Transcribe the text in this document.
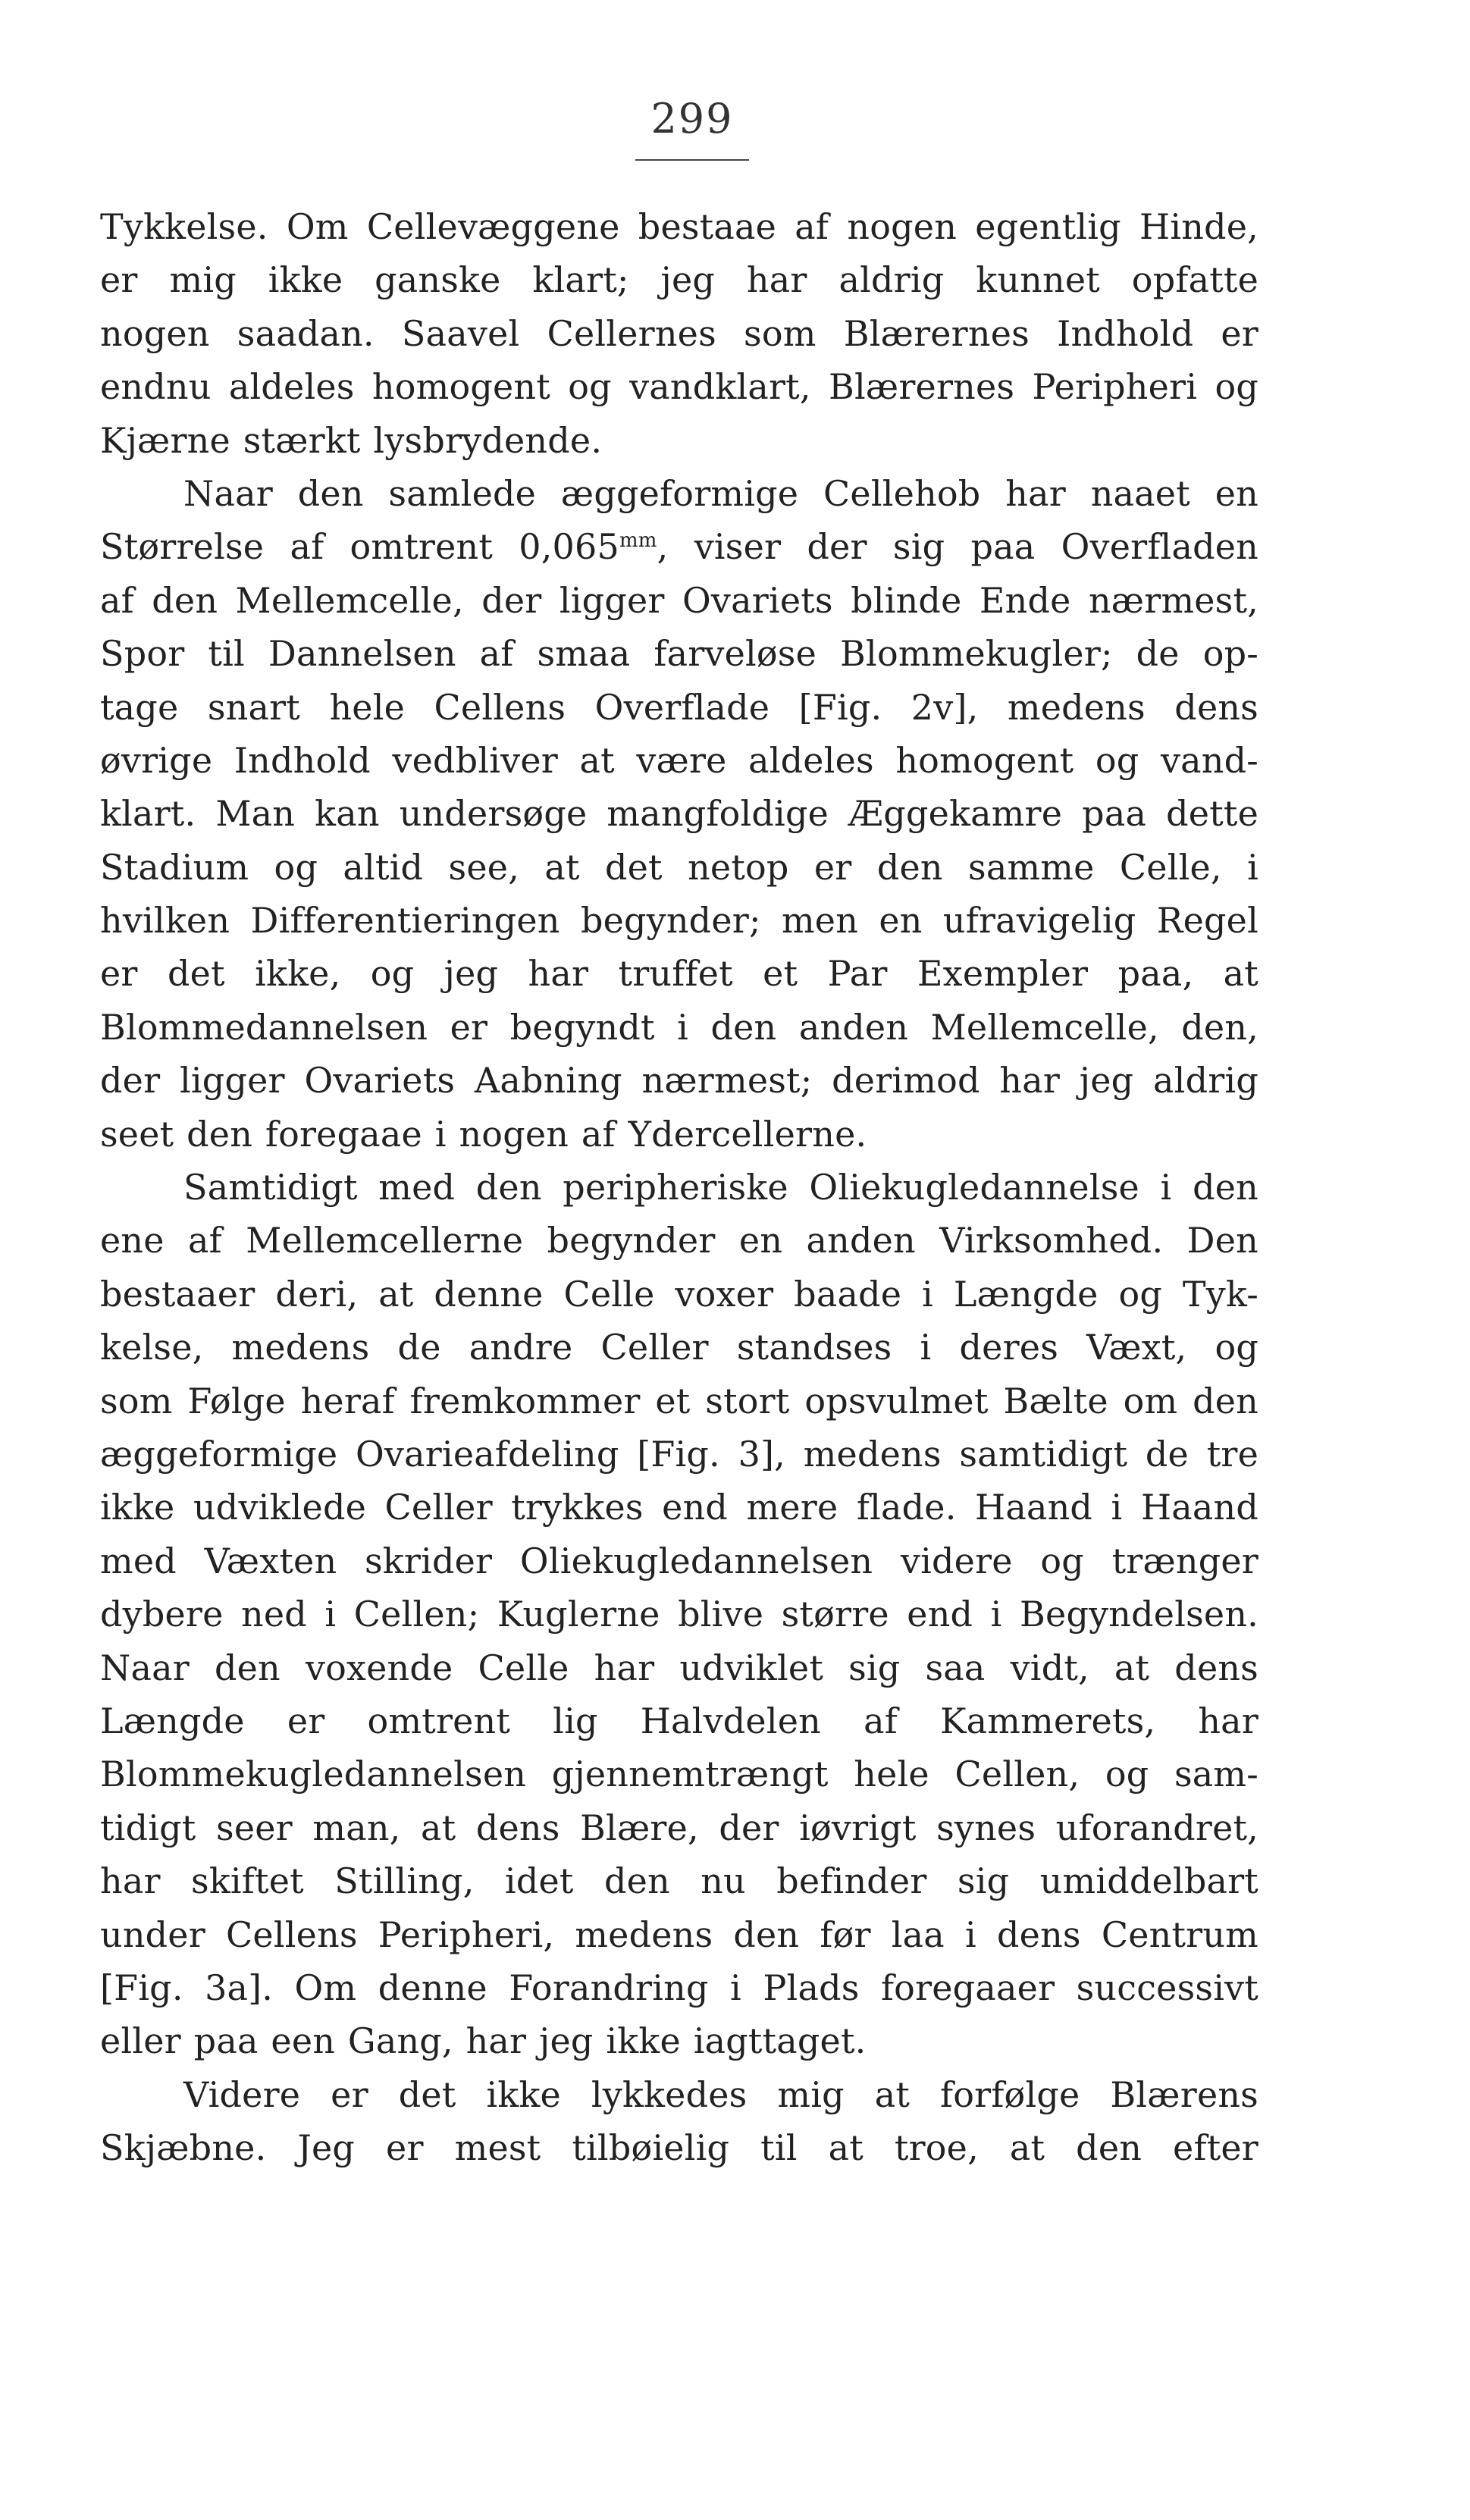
299
Tykkelse. Om Cellevæggene bestaae af nogen egentlig Hinde,
er mig ikke ganske klart; jeg har aldrig kunnet opfatte
nogen saadan. Saavel Cellernes som Blærernes Indhold er
endnu aldeles homogent og vandklart, Blærernes Peripheri og
Kjærne stærkt lysbrydende.
Naar den samlede æggeformige Cellehob har naaet en
Størrelse af omtrent $0,065^{mm}$, viser der sig paa Overfladen
af den Mellemcelle, der ligger Ovariets blinde Ende nærmest,
Spor til Dannelsen af smaa farveløse Blommekugler; de op-
tage snart hele Cellens Overflade [Fig. 2v], medens dens
øvrige Indhold vedbliver at være aldeles homogent og vand-
klart. Man kan undersøge mangfoldige Æggekamre paa dette
Stadium og altid see, at det netop er den samme Celle, i
hvilken Differentieringen begynder; men en ufravigelig Regel
er det ikke, og jeg har truffet et Par Exempler paa, at
Blommedannelsen er begyndt i den anden Mellemcelle, den,
der ligger Ovariets Aabning nærmest; derimod har jeg aldrig
seet den foregaae i nogen af Ydercellerne.
Samtidigt med den peripheriske Oliekugledannelse i den
ene af Mellemcellerne begynder en anden Virksomhed. Den
bestaaer deri, at denne Celle voxer baade i Længde og Tyk-
kelse, medens de andre Celler standses i deres Væxt, og
som Følge heraf fremkommer et stort opsvulmet Bælte om den
æggeformige Ovarieafdeling [Fig. 3], medens samtidigt de tre
ikke udviklede Celler trykkes end mere flade. Haand i Haand
med Væxten skrider Oliekugledannelsen videre og trænger
dybere ned i Cellen; Kuglerne blive større end i Begyndelsen.
Naar den voxende Celle har udviklet sig saa vidt, at dens
Længde er omtrent lig Halvdelen af Kammerets, har
Blommekugledannelsen gjennemtrængt hele Cellen, og sam-
tidigt seer man, at dens Blære, der iøvrigt synes uforandret,
har skiftet Stilling, idet den nu befinder sig umiddelbart
under Cellens Peripheri, medens den før laa i dens Centrum
[Fig. 3a]. Om denne Forandring i Plads foregaaer successivt
eller paa een Gang, har jeg ikke iagttaget.
Videre er det ikke lykkedes mig at forfølge Blærens
Skjæbne. Jeg er mest tilbøielig til at troe, at den efter
